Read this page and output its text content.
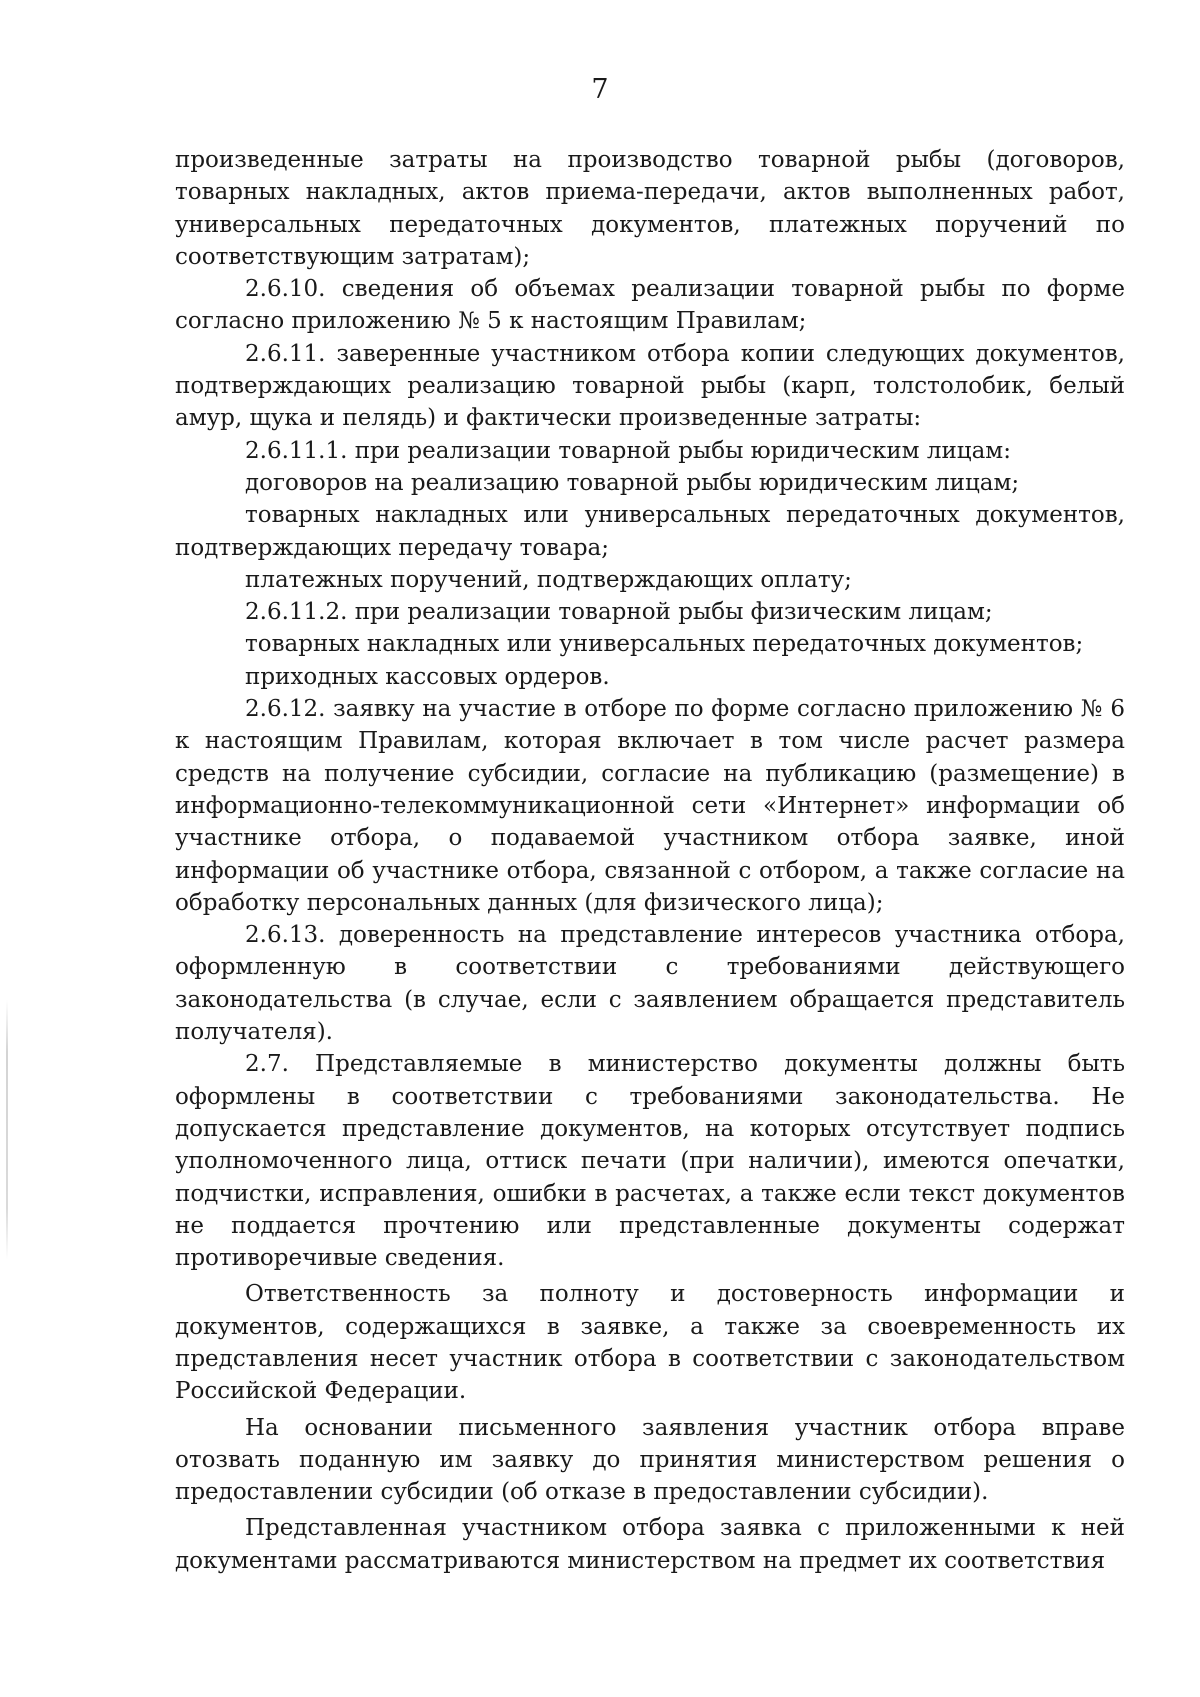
7

произведенные затраты на производство товарной рыбы (договоров, товарных накладных, актов приема-передачи, актов выполненных работ, универсальных передаточных документов, платежных поручений по соответствующим затратам);

2.6.10. сведения об объемах реализации товарной рыбы по форме согласно приложению № 5 к настоящим Правилам;

2.6.11. заверенные участником отбора копии следующих документов, подтверждающих реализацию товарной рыбы (карп, толстолобик, белый амур, щука и пелядь) и фактически произведенные затраты:

2.6.11.1. при реализации товарной рыбы юридическим лицам:

договоров на реализацию товарной рыбы юридическим лицам;

товарных накладных или универсальных передаточных документов, подтверждающих передачу товара;

платежных поручений, подтверждающих оплату;

2.6.11.2. при реализации товарной рыбы физическим лицам;

товарных накладных или универсальных передаточных документов;

приходных кассовых ордеров.

2.6.12. заявку на участие в отборе по форме согласно приложению № 6 к настоящим Правилам, которая включает в том числе расчет размера средств на получение субсидии, согласие на публикацию (размещение) в информационно-телекоммуникационной сети «Интернет» информации об участнике отбора, о подаваемой участником отбора заявке, иной информации об участнике отбора, связанной с отбором, а также согласие на обработку персональных данных (для физического лица);

2.6.13. доверенность на представление интересов участника отбора, оформленную в соответствии с требованиями действующего законодательства (в случае, если с заявлением обращается представитель получателя).

2.7. Представляемые в министерство документы должны быть оформлены в соответствии с требованиями законодательства. Не допускается представление документов, на которых отсутствует подпись уполномоченного лица, оттиск печати (при наличии), имеются опечатки, подчистки, исправления, ошибки в расчетах, а также если текст документов не поддается прочтению или представленные документы содержат противоречивые сведения.

Ответственность за полноту и достоверность информации и документов, содержащихся в заявке, а также за своевременность их представления несет участник отбора в соответствии с законодательством Российской Федерации.

На основании письменного заявления участник отбора вправе отозвать поданную им заявку до принятия министерством решения о предоставлении субсидии (об отказе в предоставлении субсидии).

Представленная участником отбора заявка с приложенными к ней документами рассматриваются министерством на предмет их соответствия
